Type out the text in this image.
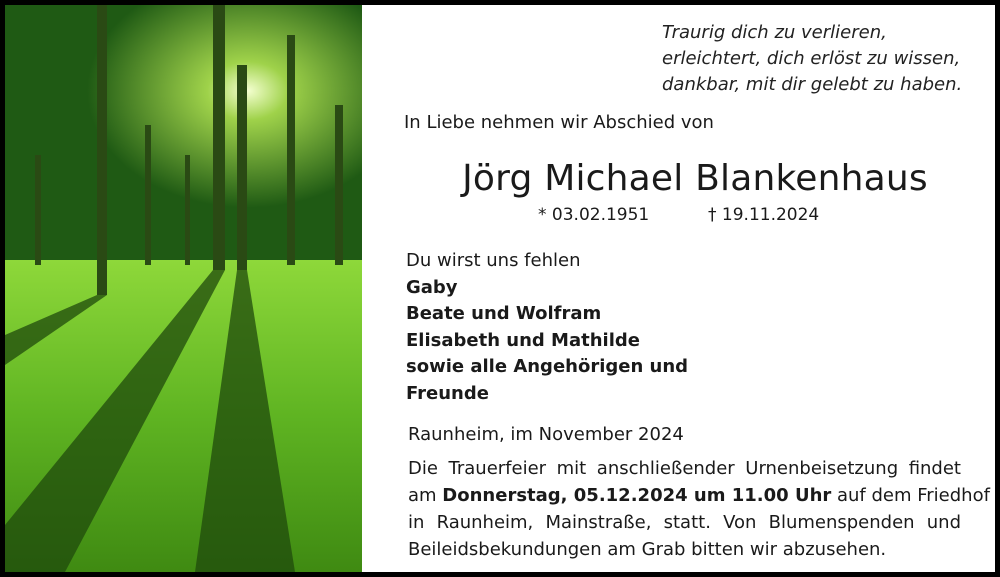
Traurig dich zu verlieren,
erleichtert, dich erlöst zu wissen,
dankbar, mit dir gelebt zu haben.
In Liebe nehmen wir Abschied von
Jörg Michael Blankenhaus
* 03.02.1951	† 19.11.2024
Du wirst uns fehlen
Gaby
Beate und Wolfram
Elisabeth und Mathilde
sowie alle Angehörigen und
Freunde
Raunheim, im November 2024
Die Trauerfeier mit anschließender Urnenbeisetzung findet
am Donnerstag, 05.12.2024 um 11.00 Uhr auf dem Friedhof
in Raunheim, Mainstraße, statt. Von Blumenspenden und
Beileidsbekundungen am Grab bitten wir abzusehen.
